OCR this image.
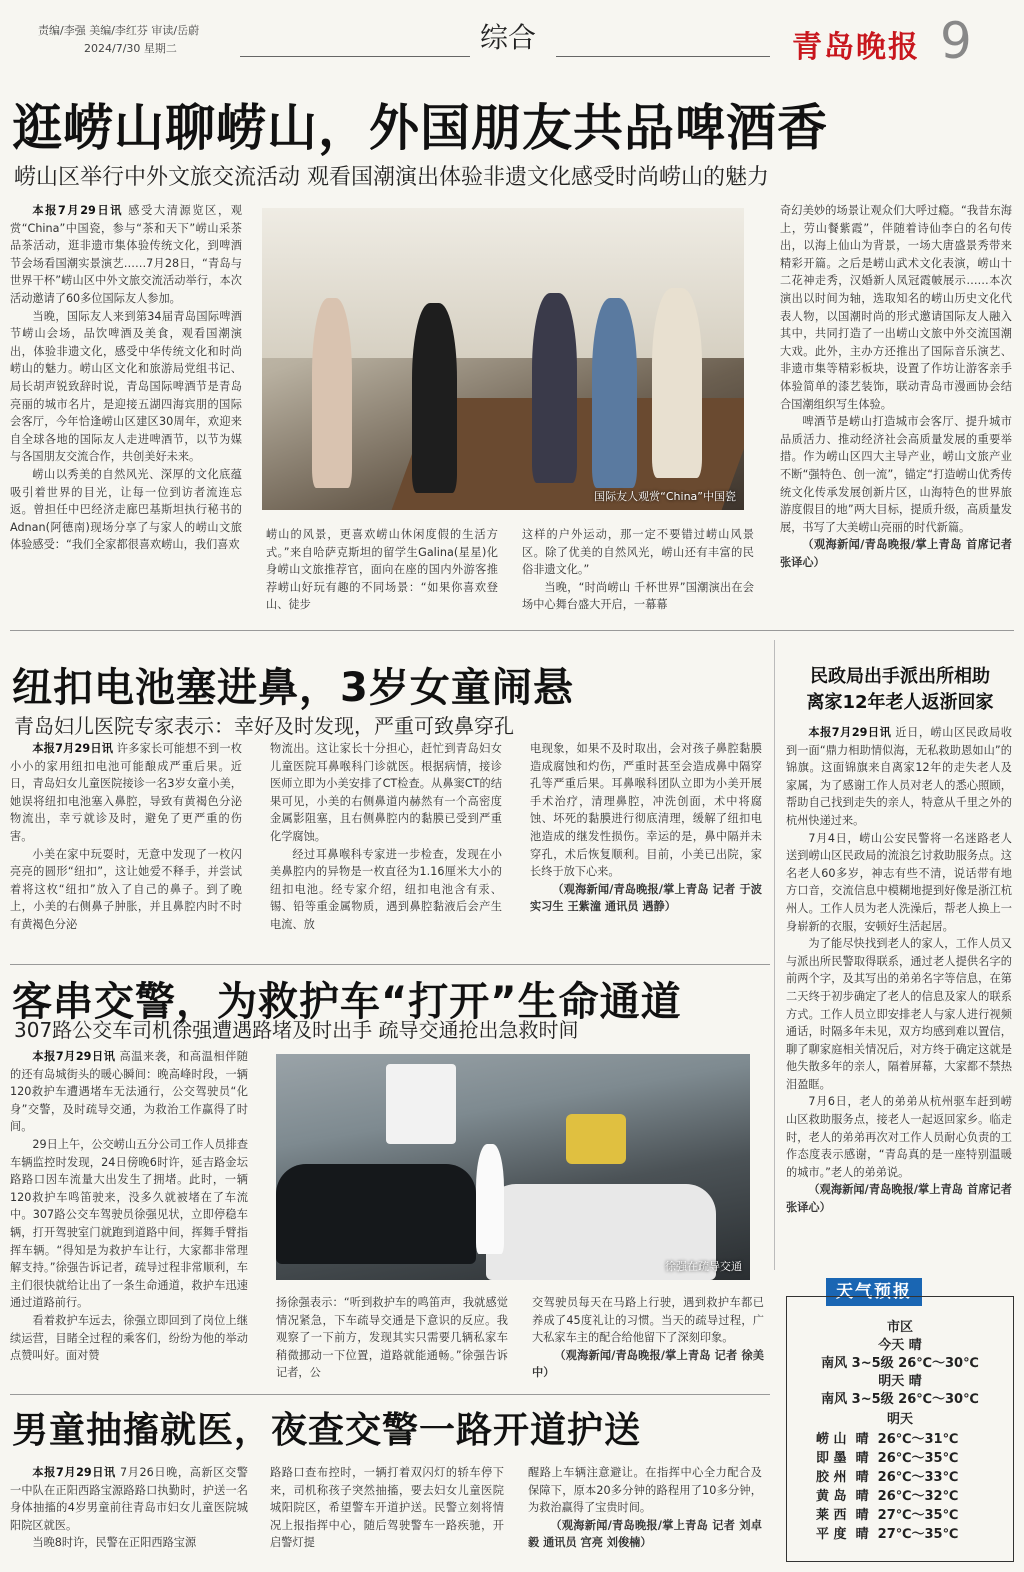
责编/李强 美编/李红芬 审读/岳蔚
2024/7/30 星期二	综合	青岛晚报 9
逛崂山聊崂山，外国朋友共品啤酒香
崂山区举行中外文旅交流活动 观看国潮演出体验非遗文化感受时尚崂山的魅力

本报7月29日讯 感受大清源览区，观赏“China”中国瓷，参与“茶和天下”崂山采茶品茶活动，逛非遗市集体验传统文化，到啤酒节会场看国潮实景演艺……7月28日，“青岛与世界干杯”崂山区中外文旅交流活动举行，本次活动邀请了60多位国际友人参加。

当晚，国际友人来到第34届青岛国际啤酒节崂山会场，品饮啤酒及美食，观看国潮演出，体验非遗文化，感受中华传统文化和时尚崂山的魅力。崂山区文化和旅游局党组书记、局长胡声锐致辞时说，青岛国际啤酒节是青岛亮丽的城市名片，是迎接五湖四海宾朋的国际会客厅，今年恰逢崂山区建区30周年，欢迎来自全球各地的国际友人走进啤酒节，以节为媒与各国朋友交流合作，共创美好未来。

崂山以秀美的自然风光、深厚的文化底蕴吸引着世界的目光，让每一位到访者流连忘返。曾担任中巴经济走廊巴基斯坦执行秘书的Adnan(阿德南)现场分享了与家人的崂山文旅体验感受：“我们全家都很喜欢崂山，我们喜欢

国际友人观赏“China”中国瓷

崂山的风景，更喜欢崂山休闲度假的生活方式。”来自哈萨克斯坦的留学生Galina(星星)化身崂山文旅推荐官，面向在座的国内外游客推荐崂山好玩有趣的不同场景：“如果你喜欢登山、徒步

这样的户外运动，那一定不要错过崂山风景区。除了优美的自然风光，崂山还有丰富的民俗非遗文化。”

当晚，“时尚崂山 千杯世界”国潮演出在会场中心舞台盛大开启，一幕幕

奇幻美妙的场景让观众们大呼过瘾。“我昔东海上，劳山餐紫霞”，伴随着诗仙李白的名句传出，以海上仙山为背景，一场大唐盛景秀带来精彩开篇。之后是崂山武术文化表演，崂山十二花神走秀，汉婚新人凤冠霞帔展示……本次演出以时间为轴，选取知名的崂山历史文化代表人物，以国潮时尚的形式邀请国际友人融入其中，共同打造了一出崂山文旅中外交流国潮大戏。此外，主办方还推出了国际音乐演艺、非遗市集等精彩板块，设置了作坊让游客亲手体验简单的漆艺装饰，联动青岛市漫画协会结合国潮组织写生体验。

啤酒节是崂山打造城市会客厅、提升城市品质活力、推动经济社会高质量发展的重要举措。作为崂山区四大主导产业，崂山文旅产业不断“强特色、创一流”，锚定“打造崂山优秀传统文化传承发展创新片区，山海特色的世界旅游度假目的地”两大目标，提质升级，高质量发展，书写了大美崂山亮丽的时代新篇。

（观海新闻/青岛晚报/掌上青岛 首席记者 张译心）

纽扣电池塞进鼻，3岁女童闹悬
青岛妇儿医院专家表示：幸好及时发现，严重可致鼻穿孔

本报7月29日讯 许多家长可能想不到一枚小小的家用纽扣电池可能酿成严重后果。近日，青岛妇女儿童医院接诊一名3岁女童小美，她误将纽扣电池塞入鼻腔，导致有黄褐色分泌物流出，幸亏就诊及时，避免了更严重的伤害。

小美在家中玩耍时，无意中发现了一枚闪亮亮的圆形“纽扣”，这让她爱不释手，并尝试着将这枚“纽扣”放入了自己的鼻子。到了晚上，小美的右侧鼻子肿胀，并且鼻腔内时不时有黄褐色分泌

物流出。这让家长十分担心，赶忙到青岛妇女儿童医院耳鼻喉科门诊就医。根据病情，接诊医师立即为小美安排了CT检查。从鼻窦CT的结果可见，小美的右侧鼻道内赫然有一个高密度金属影阻塞，且右侧鼻腔内的黏膜已受到严重化学腐蚀。

经过耳鼻喉科专家进一步检查，发现在小美鼻腔内的异物是一枚直径为1.16厘米大小的纽扣电池。经专家介绍，纽扣电池含有汞、锡、铅等重金属物质，遇到鼻腔黏液后会产生电流、放

电现象，如果不及时取出，会对孩子鼻腔黏膜造成腐蚀和灼伤，严重时甚至会造成鼻中隔穿孔等严重后果。耳鼻喉科团队立即为小美开展手术治疗，清理鼻腔，冲洗创面，术中将腐蚀、坏死的黏膜进行彻底清理，缓解了纽扣电池造成的继发性损伤。幸运的是，鼻中隔并未穿孔，术后恢复顺利。目前，小美已出院，家长终于放下心来。

（观海新闻/青岛晚报/掌上青岛 记者 于波 实习生 王紫潼 通讯员 遇静）

民政局出手派出所相助
离家12年老人返浙回家

本报7月29日讯 近日，崂山区民政局收到一面“鼎力相助情似海，无私救助恩如山”的锦旗。这面锦旗来自离家12年的走失老人及家属，为了感谢工作人员对老人的悉心照顾，帮助自己找到走失的亲人，特意从千里之外的杭州快递过来。

7月4日，崂山公安民警将一名迷路老人送到崂山区民政局的流浪乞讨救助服务点。这名老人60多岁，神志有些不清，说话带有地方口音，交流信息中模糊地提到好像是浙江杭州人。工作人员为老人洗澡后，帮老人换上一身崭新的衣服，安顿好生活起居。

为了能尽快找到老人的家人，工作人员又与派出所民警取得联系，通过老人提供名字的前两个字，及其写出的弟弟名字等信息，在第二天终于初步确定了老人的信息及家人的联系方式。工作人员立即安排老人与家人进行视频通话，时隔多年未见，双方均感到难以置信，聊了聊家庭相关情况后，对方终于确定这就是他失散多年的亲人，隔着屏幕，大家都不禁热泪盈眶。

7月6日，老人的弟弟从杭州驱车赶到崂山区救助服务点，接老人一起返回家乡。临走时，老人的弟弟再次对工作人员耐心负责的工作态度表示感谢，“青岛真的是一座特别温暖的城市。”老人的弟弟说。

（观海新闻/青岛晚报/掌上青岛 首席记者 张译心）

客串交警，为救护车“打开”生命通道
307路公交车司机徐强遭遇路堵及时出手 疏导交通抢出急救时间

本报7月29日讯 高温来袭，和高温相伴随的还有岛城街头的暖心瞬间：晚高峰时段，一辆120救护车遭遇堵车无法通行，公交驾驶员“化身”交警，及时疏导交通，为救治工作赢得了时间。

29日上午，公交崂山五分公司工作人员排查车辆监控时发现，24日傍晚6时许，延吉路金坛路路口因车流量大出发生了拥堵。此时，一辆120救护车鸣笛驶来，没多久就被堵在了车流中。307路公交车驾驶员徐强见状，立即停稳车辆，打开驾驶室门就跑到道路中间，挥舞手臂指挥车辆。“得知是为救护车让行，大家都非常理解支持。”徐强告诉记者，疏导过程非常顺利，车主们很快就给让出了一条生命通道，救护车迅速通过道路前行。

看着救护车远去，徐强立即回到了岗位上继续运营，目睹全过程的乘客们，纷纷为他的举动点赞叫好。面对赞

徐强在疏导交通

扬徐强表示：“听到救护车的鸣笛声，我就感觉情况紧急，下车疏导交通是下意识的反应。我观察了一下前方，发现其实只需要几辆私家车稍微挪动一下位置，道路就能通畅。”徐强告诉记者，公

交驾驶员每天在马路上行驶，遇到救护车都已养成了45度礼让的习惯。当天的疏导过程，广大私家车主的配合给他留下了深刻印象。

（观海新闻/青岛晚报/掌上青岛 记者 徐美中）

男童抽搐就医，夜查交警一路开道护送

本报7月29日讯 7月26日晚，高新区交警一中队在正阳西路宝源路路口执勤时，护送一名身体抽搐的4岁男童前往青岛市妇女儿童医院城阳院区就医。

当晚8时许，民警在正阳西路宝源

路路口查布控时，一辆打着双闪灯的轿车停下来，司机称孩子突然抽搐，要去妇女儿童医院城阳院区，希望警车开道护送。民警立刻将情况上报指挥中心，随后驾驶警车一路疾驰，开启警灯提

醒路上车辆注意避让。在指挥中心全力配合及保障下，原本20多分钟的路程用了10多分钟，为救治赢得了宝贵时间。

（观海新闻/青岛晚报/掌上青岛 记者 刘卓毅 通讯员 宫亮 刘俊楠）

天气预报
市区
今天 晴
南风 3~5级 26℃～30℃
明天 晴
南风 3~5级 26℃～30℃
明天
崂 山 晴 26℃～31℃
即 墨 晴 26℃～35℃
胶 州 晴 26℃～33℃
黄 岛 晴 26℃～32℃
莱 西 晴 27℃～35℃
平 度 晴 27℃～35℃
